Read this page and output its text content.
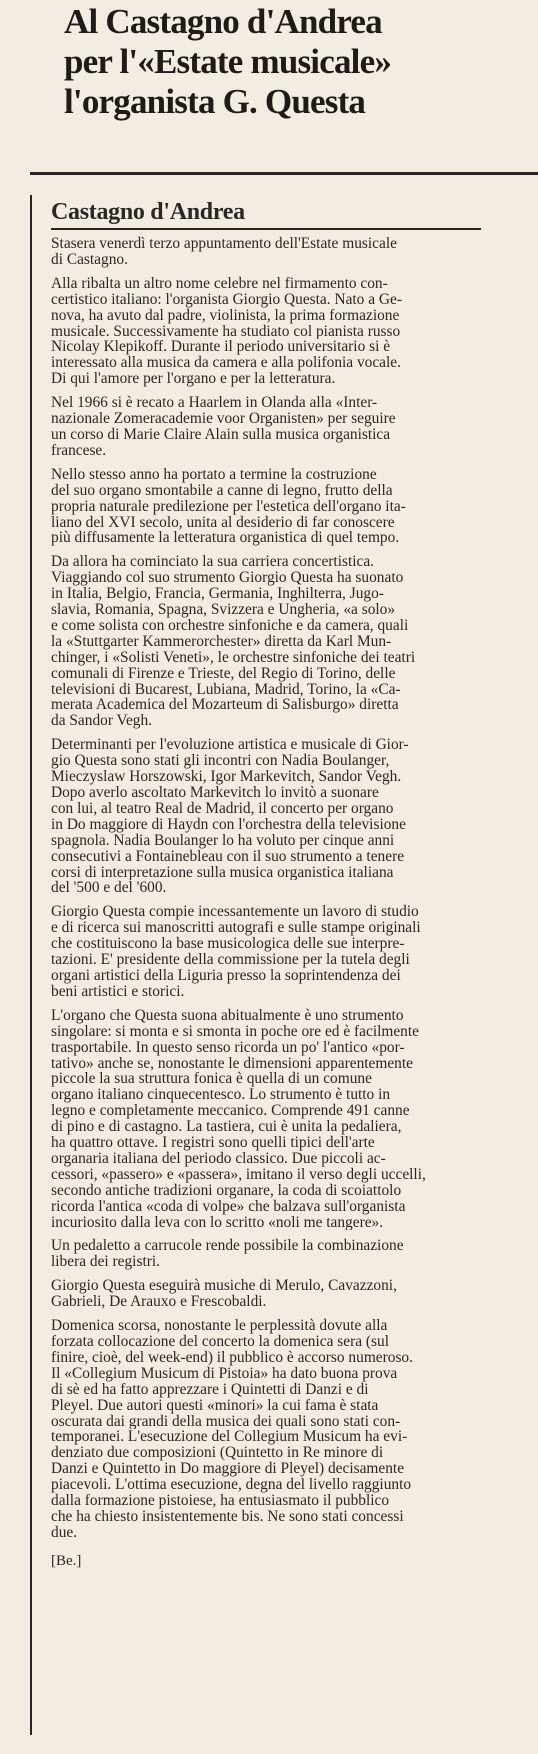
Al Castagno d'Andrea
per l'«Estate musicale»
l'organista G. Questa
Castagno d'Andrea

Stasera venerdì terzo appuntamento dell'Estate musicale
di Castagno.

Alla ribalta un altro nome celebre nel firmamento con-
certistico italiano: l'organista Giorgio Questa. Nato a Ge-
nova, ha avuto dal padre, violinista, la prima formazione
musicale. Successivamente ha studiato col pianista russo
Nicolay Klepikoff. Durante il periodo universitario si è
interessato alla musica da camera e alla polifonia vocale.
Di qui l'amore per l'organo e per la letteratura.

Nel 1966 si è recato a Haarlem in Olanda alla «Inter-
nazionale Zomeracademie voor Organisten» per seguire
un corso di Marie Claire Alain sulla musica organistica
francese.

Nello stesso anno ha portato a termine la costruzione
del suo organo smontabile a canne di legno, frutto della
propria naturale predilezione per l'estetica dell'organo ita-
liano del XVI secolo, unita al desiderio di far conoscere
più diffusamente la letteratura organistica di quel tempo.

Da allora ha cominciato la sua carriera concertistica.
Viaggiando col suo strumento Giorgio Questa ha suonato
in Italia, Belgio, Francia, Germania, Inghilterra, Jugo-
slavia, Romania, Spagna, Svizzera e Ungheria, «a solo»
e come solista con orchestre sinfoniche e da camera, quali
la «Stuttgarter Kammerorchester» diretta da Karl Mun-
chinger, i «Solisti Veneti», le orchestre sinfoniche dei teatri
comunali di Firenze e Trieste, del Regio di Torino, delle
televisioni di Bucarest, Lubiana, Madrid, Torino, la «Ca-
merata Academica del Mozarteum di Salisburgo» diretta
da Sandor Vegh.

Determinanti per l'evoluzione artistica e musicale di Gior-
gio Questa sono stati gli incontri con Nadia Boulanger,
Mieczyslaw Horszowski, Igor Markevitch, Sandor Vegh.
Dopo averlo ascoltato Markevitch lo invitò a suonare
con lui, al teatro Real de Madrid, il concerto per organo
in Do maggiore di Haydn con l'orchestra della televisione
spagnola. Nadia Boulanger lo ha voluto per cinque anni
consecutivi a Fontainebleau con il suo strumento a tenere
corsi di interpretazione sulla musica organistica italiana
del '500 e del '600.

Giorgio Questa compie incessantemente un lavoro di studio
e di ricerca sui manoscritti autografi e sulle stampe originali
che costituiscono la base musicologica delle sue interpre-
tazioni. E' presidente della commissione per la tutela degli
organi artistici della Liguria presso la soprintendenza dei
beni artistici e storici.

L'organo che Questa suona abitualmente è uno strumento
singolare: si monta e si smonta in poche ore ed è facilmente
trasportabile. In questo senso ricorda un po' l'antico «por-
tativo» anche se, nonostante le dimensioni apparentemente
piccole la sua struttura fonica è quella di un comune
organo italiano cinquecentesco. Lo strumento è tutto in
legno e completamente meccanico. Comprende 491 canne
di pino e di castagno. La tastiera, cui è unita la pedaliera,
ha quattro ottave. I registri sono quelli tipici dell'arte
organaria italiana del periodo classico. Due piccoli ac-
cessori, «passero» e «passera», imitano il verso degli uccelli,
secondo antiche tradizioni organare, la coda di scoiattolo
ricorda l'antica «coda di volpe» che balzava sull'organista
incuriosito dalla leva con lo scritto «noli me tangere».

Un pedaletto a carrucole rende possibile la combinazione
libera dei registri.

Giorgio Questa eseguirà musiche di Merulo, Cavazzoni,
Gabrieli, De Arauxo e Frescobaldi.

Domenica scorsa, nonostante le perplessità dovute alla
forzata collocazione del concerto la domenica sera (sul
finire, cioè, del week-end) il pubblico è accorso numeroso.
Il «Collegium Musicum di Pistoia» ha dato buona prova
di sè ed ha fatto apprezzare i Quintetti di Danzi e di
Pleyel. Due autori questi «minori» la cui fama è stata
oscurata dai grandi della musica dei quali sono stati con-
temporanei. L'esecuzione del Collegium Musicum ha evi-
denziato due composizioni (Quintetto in Re minore di
Danzi e Quintetto in Do maggiore di Pleyel) decisamente
piacevoli. L'ottima esecuzione, degna del livello raggiunto
dalla formazione pistoiese, ha entusiasmato il pubblico
che ha chiesto insistentemente bis. Ne sono stati concessi
due.

[Be.]
